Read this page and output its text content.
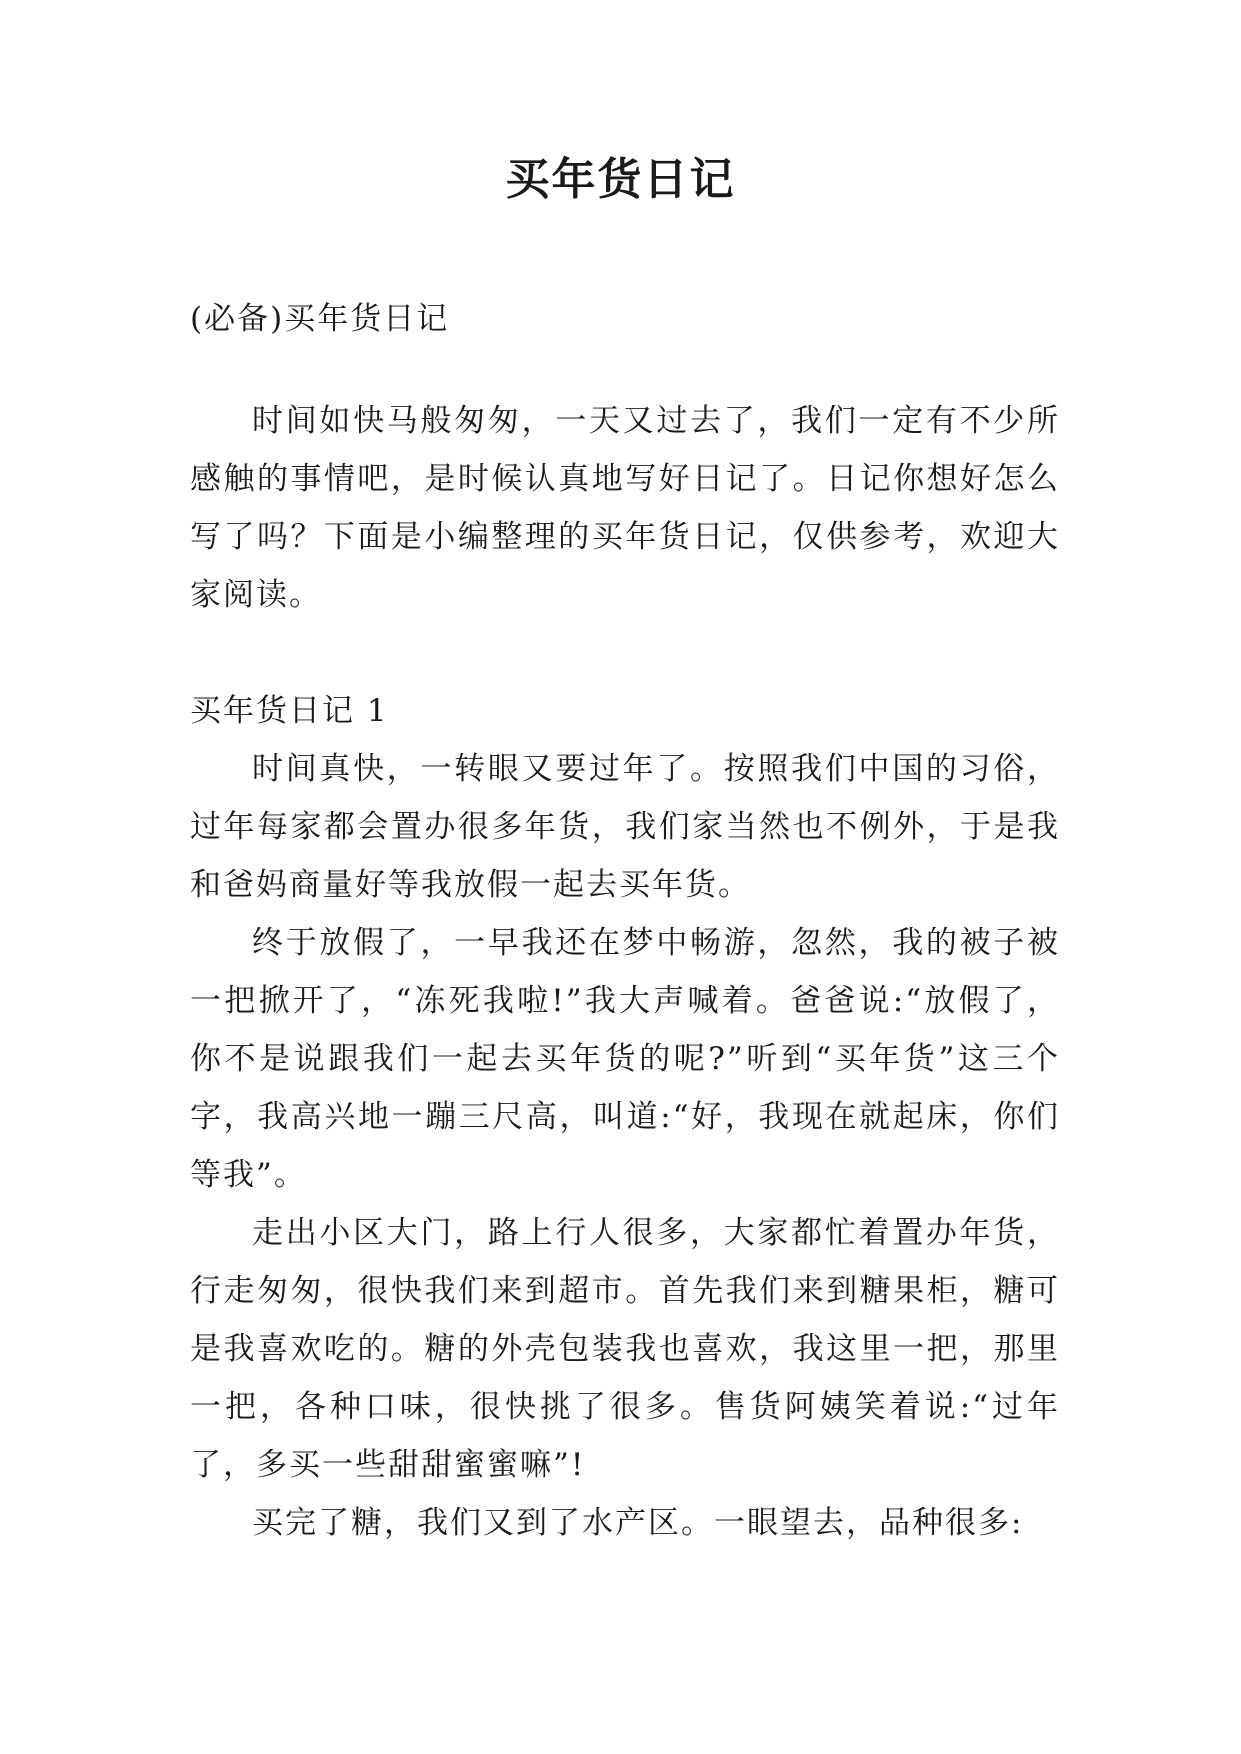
买年货日记

(必备)买年货日记

时间如快马般匆匆，一天又过去了，我们一定有不少所感触的事情吧，是时候认真地写好日记了。日记你想好怎么写了吗？下面是小编整理的买年货日记，仅供参考，欢迎大家阅读。

买年货日记 1

时间真快，一转眼又要过年了。按照我们中国的习俗，过年每家都会置办很多年货，我们家当然也不例外，于是我和爸妈商量好等我放假一起去买年货。

终于放假了，一早我还在梦中畅游，忽然，我的被子被一把掀开了，“冻死我啦!”我大声喊着。爸爸说:“放假了，你不是说跟我们一起去买年货的呢?”听到“买年货”这三个字，我高兴地一蹦三尺高，叫道:“好，我现在就起床，你们等我”。

走出小区大门，路上行人很多，大家都忙着置办年货，行走匆匆，很快我们来到超市。首先我们来到糖果柜，糖可是我喜欢吃的。糖的外壳包装我也喜欢，我这里一把，那里一把，各种口味，很快挑了很多。售货阿姨笑着说:“过年了，多买一些甜甜蜜蜜嘛”!

买完了糖，我们又到了水产区。一眼望去，品种很多:
